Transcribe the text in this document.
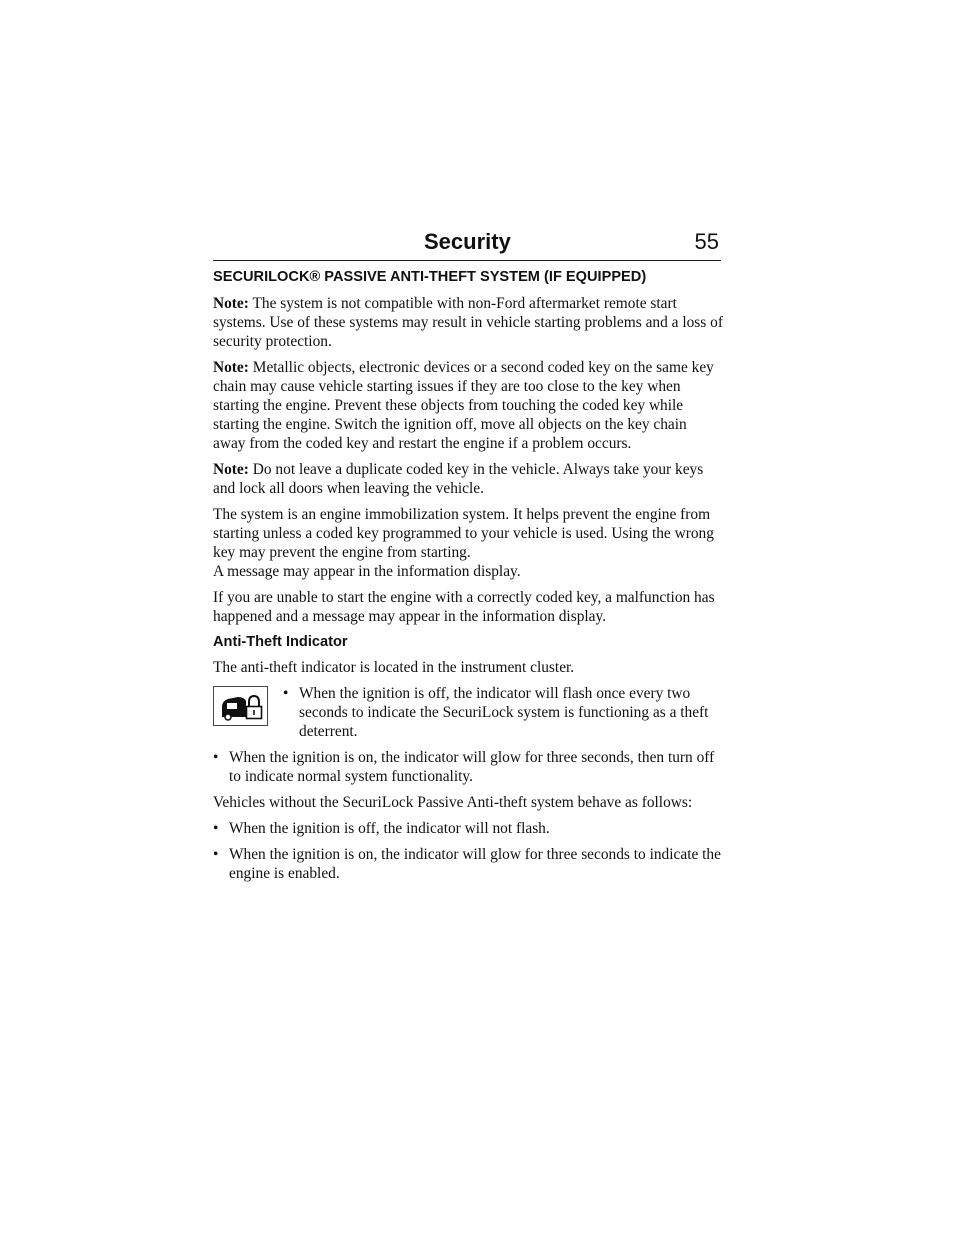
Security	55
SECURILOCK® PASSIVE ANTI-THEFT SYSTEM (IF EQUIPPED)

Note: The system is not compatible with non-Ford aftermarket remote start systems. Use of these systems may result in vehicle starting problems and a loss of security protection.

Note: Metallic objects, electronic devices or a second coded key on the same key chain may cause vehicle starting issues if they are too close to the key when starting the engine. Prevent these objects from touching the coded key while starting the engine. Switch the ignition off, move all objects on the key chain away from the coded key and restart the engine if a problem occurs.

Note: Do not leave a duplicate coded key in the vehicle. Always take your keys and lock all doors when leaving the vehicle.

The system is an engine immobilization system. It helps prevent the engine from starting unless a coded key programmed to your vehicle is used. Using the wrong key may prevent the engine from starting.
A message may appear in the information display.

If you are unable to start the engine with a correctly coded key, a malfunction has happened and a message may appear in the information display.

Anti-Theft Indicator

The anti-theft indicator is located in the instrument cluster.

• When the ignition is off, the indicator will flash once every two seconds to indicate the SecuriLock system is functioning as a theft deterrent.
• When the ignition is on, the indicator will glow for three seconds, then turn off to indicate normal system functionality.

Vehicles without the SecuriLock Passive Anti-theft system behave as follows:

• When the ignition is off, the indicator will not flash.
• When the ignition is on, the indicator will glow for three seconds to indicate the engine is enabled.
